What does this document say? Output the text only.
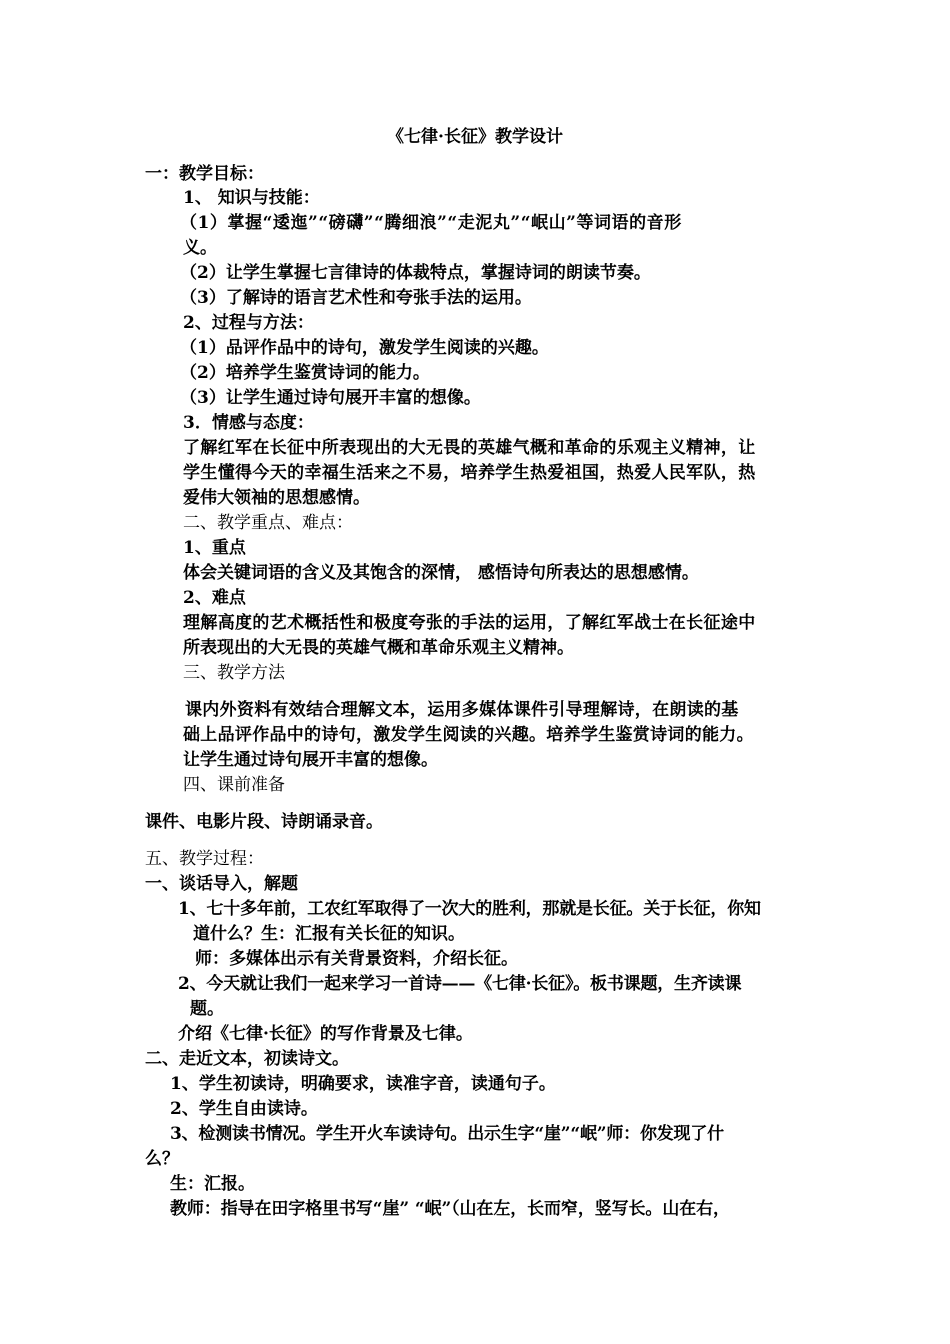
《七律·长征》教学设计
一：教学目标：
1、 知识与技能：
（1）掌握“逶迤”“磅礴”“腾细浪”“走泥丸”“岷山”等词语的音形
义。
（2）让学生掌握七言律诗的体裁特点，掌握诗词的朗读节奏。
（3）了解诗的语言艺术性和夸张手法的运用。
2、过程与方法：
（1）品评作品中的诗句，激发学生阅读的兴趣。
（2）培养学生鉴赏诗词的能力。
（3）让学生通过诗句展开丰富的想像。
3．情感与态度：
了解红军在长征中所表现出的大无畏的英雄气概和革命的乐观主义精神，让
学生懂得今天的幸福生活来之不易，培养学生热爱祖国，热爱人民军队，热
爱伟大领袖的思想感情。
二、教学重点、难点：
1、重点
体会关键词语的含义及其饱含的深情， 感悟诗句所表达的思想感情。
2、难点
理解高度的艺术概括性和极度夸张的手法的运用，了解红军战士在长征途中
所表现出的大无畏的英雄气概和革命乐观主义精神。
三、教学方法
课内外资料有效结合理解文本，运用多媒体课件引导理解诗，在朗读的基
础上品评作品中的诗句，激发学生阅读的兴趣。培养学生鉴赏诗词的能力。
让学生通过诗句展开丰富的想像。
四、课前准备
课件、电影片段、诗朗诵录音。
五、教学过程：
一、谈话导入，解题
1、七十多年前，工农红军取得了一次大的胜利，那就是长征。关于长征，你知
道什么？生：汇报有关长征的知识。
师：多媒体出示有关背景资料，介绍长征。
2、今天就让我们一起来学习一首诗——《七律·长征》。板书课题，生齐读课
题。
介绍《七律·长征》的写作背景及七律。
二、走近文本，初读诗文。
1、学生初读诗，明确要求，读准字音，读通句子。
2、学生自由读诗。
3、检测读书情况。学生开火车读诗句。出示生字“崖”“岷”师：你发现了什
么？
生：汇报。
教师：指导在田字格里书写“崖” “岷”（山在左，长而窄，竖写长。山在右，
